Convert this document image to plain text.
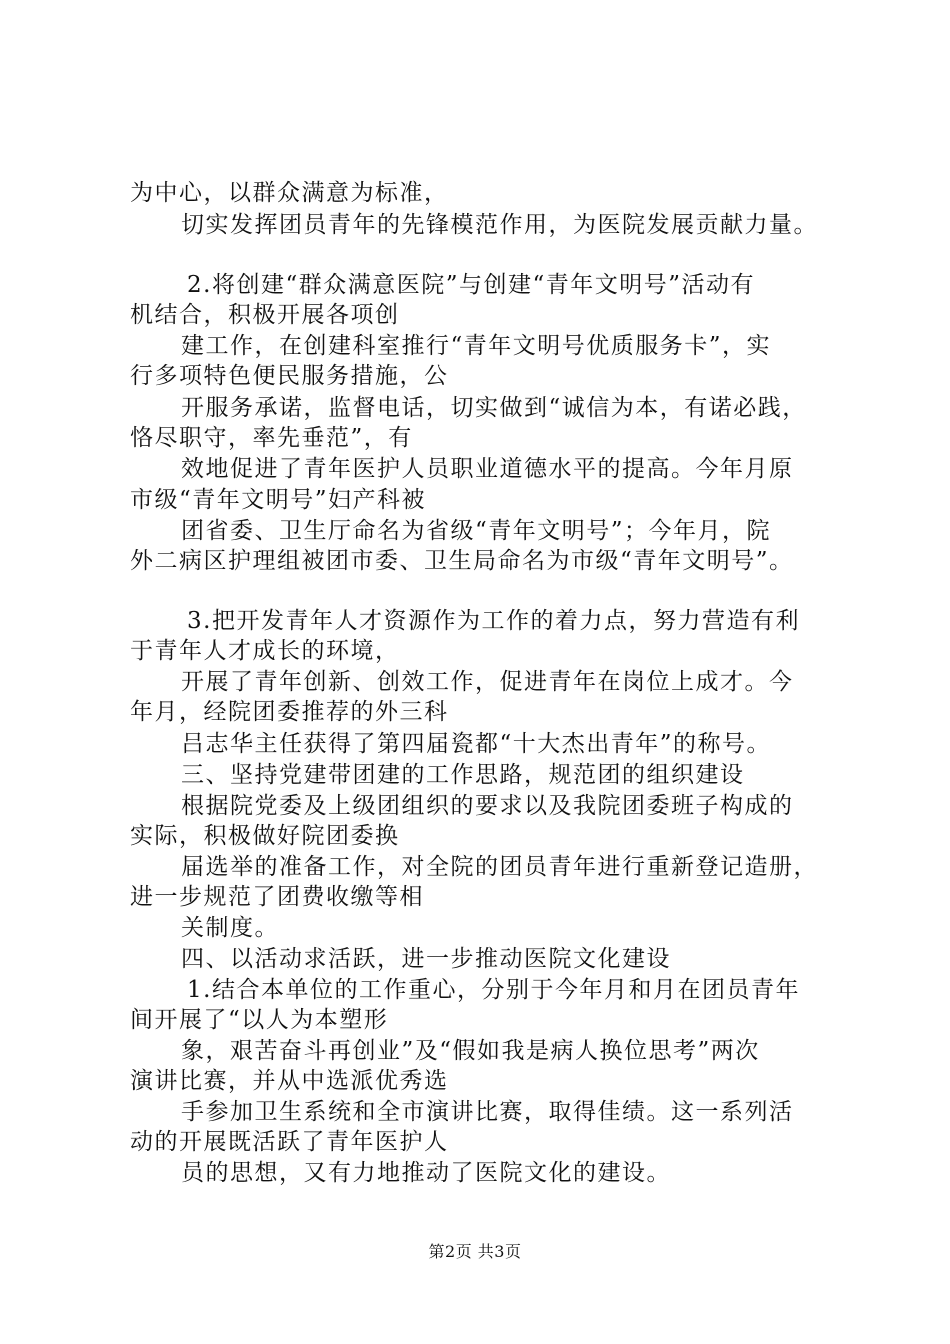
为中心，以群众满意为标准，
切实发挥团员青年的先锋模范作用，为医院发展贡献力量。
2.将创建“群众满意医院”与创建“青年文明号”活动有
机结合，积极开展各项创
建工作，在创建科室推行“青年文明号优质服务卡”，实
行多项特色便民服务措施，公
开服务承诺，监督电话，切实做到“诚信为本，有诺必践，
恪尽职守，率先垂范”，有
效地促进了青年医护人员职业道德水平的提高。今年月原
市级“青年文明号”妇产科被
团省委、卫生厅命名为省级“青年文明号”；今年月，院
外二病区护理组被团市委、卫生局命名为市级“青年文明号”。
3.把开发青年人才资源作为工作的着力点，努力营造有利
于青年人才成长的环境，
开展了青年创新、创效工作，促进青年在岗位上成才。今
年月，经院团委推荐的外三科
吕志华主任获得了第四届瓷都“十大杰出青年”的称号。
三、坚持党建带团建的工作思路，规范团的组织建设
根据院党委及上级团组织的要求以及我院团委班子构成的
实际，积极做好院团委换
届选举的准备工作，对全院的团员青年进行重新登记造册，
进一步规范了团费收缴等相
关制度。
四、以活动求活跃，进一步推动医院文化建设
1.结合本单位的工作重心，分别于今年月和月在团员青年
间开展了“以人为本塑形
象，艰苦奋斗再创业”及“假如我是病人换位思考”两次
演讲比赛，并从中选派优秀选
手参加卫生系统和全市演讲比赛，取得佳绩。这一系列活
动的开展既活跃了青年医护人
员的思想，又有力地推动了医院文化的建设。
第2页 共3页
